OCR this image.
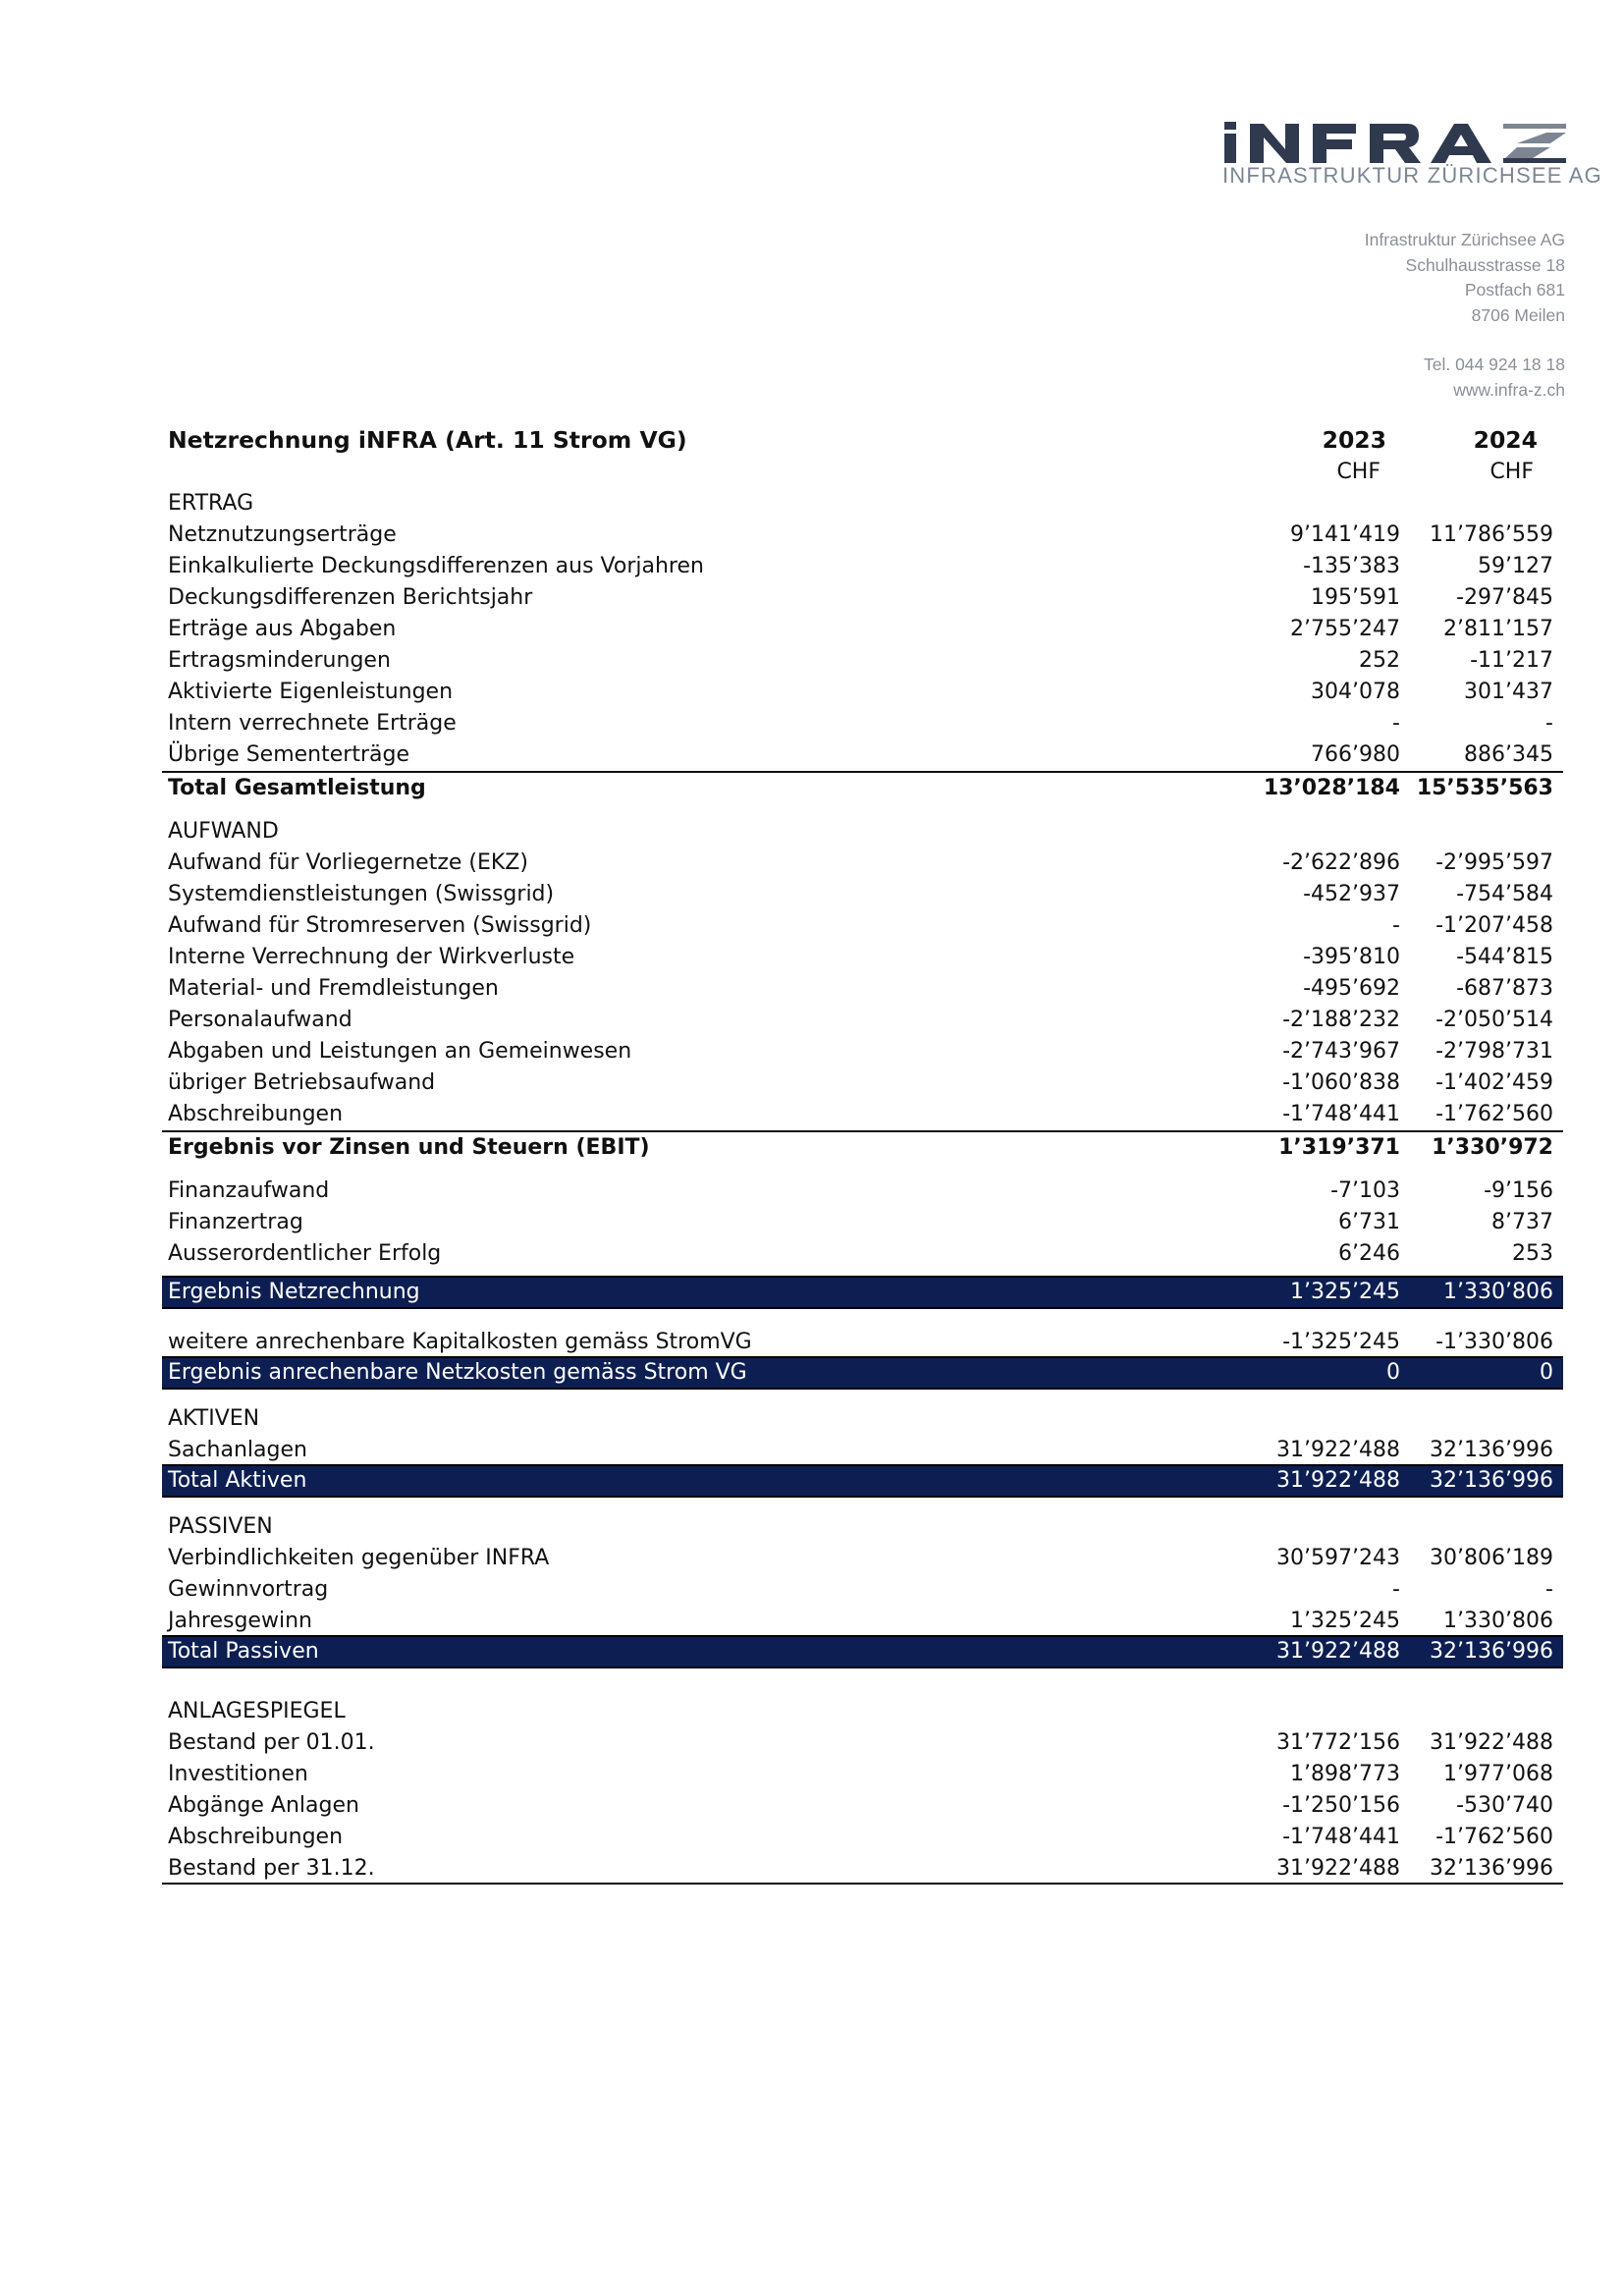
INFRASTRUKTUR ZÜRICHSEE AG
Infrastruktur Zürichsee AG
Schulhausstrasse 18
Postfach 681
8706 Meilen
Tel. 044 924 18 18
www.infra-z.ch
Netzrechnung iNFRA (Art. 11 Strom VG)	2023	2024
CHF	CHF
ERTRAG
Netznutzungserträge	9’141’419 11’786’559
Einkalkulierte Deckungsdifferenzen aus Vorjahren	-135’383	59’127
Deckungsdifferenzen Berichtsjahr	195’591	-297’845
Erträge aus Abgaben	2’755’247 2’811’157
Ertragsminderungen	252	-11’217
Aktivierte Eigenleistungen	304’078	301’437
Intern verrechnete Erträge	-	-
Übrige Sementerträge	766’980	886’345
Total Gesamtleistung	13’028’184 15’535’563
AUFWAND
Aufwand für Vorliegernetze (EKZ)	-2’622’896 -2’995’597
Systemdienstleistungen (Swissgrid)	-452’937	-754’584
Aufwand für Stromreserven (Swissgrid)	- -1’207’458
Interne Verrechnung der Wirkverluste	-395’810	-544’815
Material- und Fremdleistungen	-495’692	-687’873
Personalaufwand	-2’188’232 -2’050’514
Abgaben und Leistungen an Gemeinwesen	-2’743’967 -2’798’731
übriger Betriebsaufwand	-1’060’838 -1’402’459
Abschreibungen	-1’748’441 -1’762’560
Ergebnis vor Zinsen und Steuern (EBIT)	1’319’371 1’330’972
Finanzaufwand	-7’103	-9’156
Finanzertrag	6’731	8’737
Ausserordentlicher Erfolg	6’246	253
Ergebnis Netzrechnung	1’325’245 1’330’806
weitere anrechenbare Kapitalkosten gemäss StromVG	-1’325’245 -1’330’806
Ergebnis anrechenbare Netzkosten gemäss Strom VG	0	0
AKTIVEN
Sachanlagen	31’922’488 32’136’996
Total Aktiven	31’922’488 32’136’996
PASSIVEN
Verbindlichkeiten gegenüber INFRA	30’597’243 30’806’189
Gewinnvortrag	-	-
Jahresgewinn	1’325’245 1’330’806
Total Passiven	31’922’488 32’136’996
ANLAGESPIEGEL
Bestand per 01.01.	31’772’156 31’922’488
Investitionen	1’898’773 1’977’068
Abgänge Anlagen	-1’250’156	-530’740
Abschreibungen	-1’748’441 -1’762’560
Bestand per 31.12.	31’922’488 32’136’996
